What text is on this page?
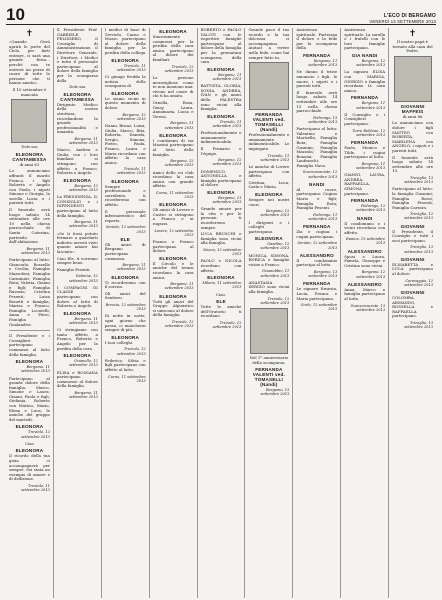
10	L'ECO DI BERGAMO
VENERDÌ 13 SETTEMBRE 2013
✝

«Quando Gesù aprirà le porte del Cielo, per farti entrare, ci sarà una grande festa... perché con te entrerà un pezzo di cuore di tutte le persone che ti hanno amato».

Il 10 settembre è mancata

Dott.ssa

ELEONORA CANTAMESSA

di anni 61

Lo annunciano affranti il marito Franco, i figli Roberta e Angelo con Paola, i nipoti Simone e Giorgia, la sorella Lucia e i parenti tutti.

Il funerale avrà luogo sabato 14 settembre alle ore 10 nella chiesa parrocchiale di Santa Caterina, partendo dall'abitazione.

Bergamo, 11 settembre 2013

Partecipano al lutto: Giancarlo, Rossella e Cecilia; Famiglia Mazzoleni; Famiglia Carminati; Famiglia Rota; Valeria, Gianni e figli; Famiglia Ravasio; Cristina Pesenti; Luisa Bonetti e famiglia; Marisa e Franco; Famiglia Locatelli; Anna e Piero; Famiglia Gualandris.

Il Presidente e i Consiglieri partecipano commossi al lutto della famiglia.

ELEONORA

Bergamo, 11 settembre 2013

Partecipano al grande dolore della famiglia: Marco, Simone e Laura; Gianni, Paola e figli; Stefania, Roberto con Matteo; Mario, Elena e Luca; le amiche del gruppo del martedì.

ELEONORA

Treviolo, 12 settembre 2013

Ciao

ELEONORA

Il ricordo della tua gioia ci accompagnerà per sempre. Sei stata un esempio di amore e di dedizione.

Treviolo, 11 settembre 2013

Il Presidente Prof. GABRIELE PELISSERO, il Consiglio di Amministrazione, il Direttore Generale, i Direttori, i Medici e tutto il personale partecipano al dolore della famiglia per la scomparsa della

Dott.ssa

ELEONORA CANTAMESSA

Dirigente Medico della nostra struttura, ricordandone la grande professionalità e umanità.

Bergamo, 11 settembre 2013

Marco, Andrea e Giulia con i loro familiari si stringono con affetto a Franco, Roberta e Angelo.

ELEONORA

Bergamo, 12 settembre 2013

La PRESIDENZA, IL CONSIGLIO e i DIPENDENTI partecipano al lutto della famiglia.

Bergamo, 11 settembre 2013

«Se ti fossi potuto fermare a guardarti indietro avresti visto quanto amore hai lasciato».

Ciao Ele, ti vorremo sempre bene.

Famiglia Pesenti.

Dalmine, 12 settembre 2013

I COMPAGNI DI CLASSE partecipano con dolore al lutto di Roberta e Angelo.

ELEONORA

Bergamo, 11 settembre 2013

Ci stringiamo con tanto affetto a Franco, Roberta e Angelo per la perdita della cara

ELEONORA

Grumello, 12 settembre 2013

ELISA e ROSSANA partecipano commosse al dolore della famiglia.

Bergamo, 11 settembre 2013

I medici di base di Treviolo, Curno e Mozzo partecipano al dolore della famiglia per la perdita della collega

ELEONORA

Treviolo, 11 settembre 2013

Ci giunge fredda la notizia della scomparsa di

ELEONORA

Le siamo vicini in questo momento di dolore.

Bergamo, 12 settembre 2013

Nanni, Bruno, Luisa, Giulia, Marco, Rita, Roberta, Daniela, Sergio, Simona, Pietro, Paola, Franco, Laura e Maria ricordano con affetto la cara amica.

Treviolo, 11 settembre 2013

ELEONORA

Sempre professionale e sorridente, ti ricorderemo con affetto.

Il personale infermieristico del reparto.

Seriate, 12 settembre 2013

ELE

Gli amici di Bergamo partecipano commossi.

Bergamo, 11 settembre 2013

ELEONORA

Ti ricorderemo con il sorriso.

Gli amici del Sentiero.

Brescia, 12 settembre 2013

Di notte in notte, ogni giorno che passa, ci mancherai sempre di più.

ELEONORA

I tuoi colleghi.

Treviolo, 12 settembre 2013

Federico, Silvia e figli partecipano con affetto al lutto.

Curno, 11 settembre 2013

ELEONORA

Sinceramente commossi per la perdita della cara amica partecipano al dolore dei familiari.

Treviolo, 12 settembre 2013

Le persone meravigliose come te non muoiono mai: vivono nel cuore di chi ti ha amato.

Ornella, Rosa, Giusy, Laura, Annamaria, Lucia e Teresa.

Bergamo, 11 settembre 2013

ELEONORA

I condomini di via Mazzini partecipano al lutto della famiglia.

Bergamo, 12 settembre 2013

Amici dello sci club ricordano la cara amica con grande affetto.

Curno, 11 settembre 2013

ELEONORA

Gli amici di Lovere e Castro si stringono a Franco e ai ragazzi.

Lovere, 12 settembre 2013

Franca e Franco partecipano al dolore.

ELEONORA

Il Circolo e le amiche del tennis ricordano la cara amica.

Bergamo, 11 settembre 2013

ELEONORA

Tutti gli amici del Gruppo Alpinistico si uniscono al dolore della famiglia.

Treviolo, 12 settembre 2013

ROBERTO e PAOLO VALOTI con le rispettive famiglie partecipano al dolore della famiglia per la prematura scomparsa della cara

ELEONORA

Bergamo, 11 settembre 2013

BATTISTA, GLORIA, SONIA, ANDREA, IVAN e gli amici della PALESTRA sono vicini alla famiglia.

ELEONORA

Treviolo, 11 settembre 2013

Professionalmente e umanamente indimenticabile.

Il Primario e l'équipe.

Bergamo, 12 settembre 2013

DOMENICO, ANTONELLA e famiglia partecipano al dolore.

ELEONORA

Bergamo, 11 settembre 2013

Grande amore per la vita e per le persone: ti ricorderemo sempre.

LUCA BRUSCHI e famiglia sono vicini alla famiglia.

Mozzo, 12 settembre 2013

PAOLO e NICOLA ricordano con affetto.

ELEONORA

Milano, 11 settembre 2013

Ciao.

ELE

Tutte le amiche dell'Oratorio ti ricordano.

Treviolo, 12 settembre 2013

Grande pace il tuo ricordo e la tua dolcezza ci accompagnino. Aiutaci a vivere nella fede, come hai sempre fatto tu.

FERNANDA VALENTI ved. TOMASELLI (Nandi)

Professionalmente e umanamente indimenticabile. Le impiegate.

Treviolo, 11 settembre 2013

Le amiche di Lovere partecipano con affetto.

Cristina, Luca, Carla e Maria.

ELEONORA

Sempre nei nostri cuori.

Bergamo, 12 settembre 2013

I dirigenti e i colleghi partecipano.

ELEONORA

Gandino, 12 settembre 2013

MONICA, SIMONA, ENRICA e famiglie vicine a Franco.

Grassobbio, 11 settembre 2013

ANASTASIA SERGIO sono vicini alla famiglia.

Treviolo, 12 settembre 2013

Nel 1° anniversario della scomparsa.

FERNANDA VALENTI ved. TOMASELLI (Nandi)

Bergamo, 13 settembre 2013

Assistenza spirituale. Partecipa il dolore e la fede per la scomparsa della

FERNANDA

Bergamo, 11 settembre 2013

Ne danno il triste annuncio i figli, le nuore, i nipoti e i parenti tutti.

Il funerale avrà luogo sabato 14 settembre alle ore 15 nella chiesa parrocchiale.

Pedrengo, 13 settembre 2013

Partecipano al lutto: Valentino e Marisella; Famiglia Rota; Famiglia Gusmini; Famiglia Mazzola; Famiglia Bonomi; Famiglia Lanfranchi; Famiglia Nava.

Scanzorosciate, 12 settembre 2013

NANDI

Al cuore, partecipano: Cugino Mario e figli; Famiglia Rota; Famiglia Pesenti.

Pedrengo, 11 settembre 2013

FERNANDA

Zia e cugina: i cugini partecipano.

Seriate, 12 settembre 2013

ALESSANDRO

Il condominio partecipa al lutto.

Bergamo, 13 settembre 2013

FERNANDA

Le signore Ernesta, Lucia, Franca e Maria partecipano.

Gorle, 12 settembre 2013

Assistenza spirituale. La sorella e i fratelli con le loro famiglie partecipano.

GIA NANDI

Bergamo, 12 settembre 2013

La signora ELISA con MARISA, GIORGIO e famiglia ricordano la cara amica.

FERNANDA

Bergamo, 11 settembre 2013

Il Consiglio e i Consiglieri partecipano.

Torre Boldone, 12 settembre 2013

FERNANDA

Paolo, Monica e Tilde, i cugini partecipano al lutto.

Bergamo, 11 settembre 2013

GIANNI, LAURA, ANDREA, RAFFAELLA, SIMONA partecipano.

FERNANDA

Pedrengo, 12 settembre 2013

NANDI

Il condominio e i vicini ricordano con affetto.

Ranica, 13 settembre 2013

ALESSANDRO

Sposi e Laura, Pamela, Giuseppe e Cristina sono vicini.

Bergamo, 12 settembre 2013

ALESSANDRO

Anna, Marco e famiglia partecipano al lutto.

Scanzorosciate, 13 settembre 2013

✝

Il nostro papà è tornato alla casa del Padre.

GIOVANNI MAFFEIS

di anni 86

Lo annunciano con dolore i figli MATTEO con ROBERTA, MARILENA con ANGELO, i nipoti e i parenti tutti.

Il funerale avrà luogo sabato 14 settembre alle ore 10.

Treviglio, 13 settembre 2013

Partecipano al lutto: la famiglia Gusmini; Famiglia Rossi; Famiglia Pesenti; Famiglia Carrara.

Treviglio, 12 settembre 2013

GIOVANNI

Il Presidente, il Consiglio e tutti i soci partecipano.

Treviglio, 13 settembre 2013

GIOVANNI

ELISABETTA e LUCA partecipano al dolore.

Caravaggio, 12 settembre 2013

GIOVANNI

COLOMBA, ARMANDO, ROSSELLA e RAFFAELLA partecipano.

Treviglio, 13 settembre 2013
